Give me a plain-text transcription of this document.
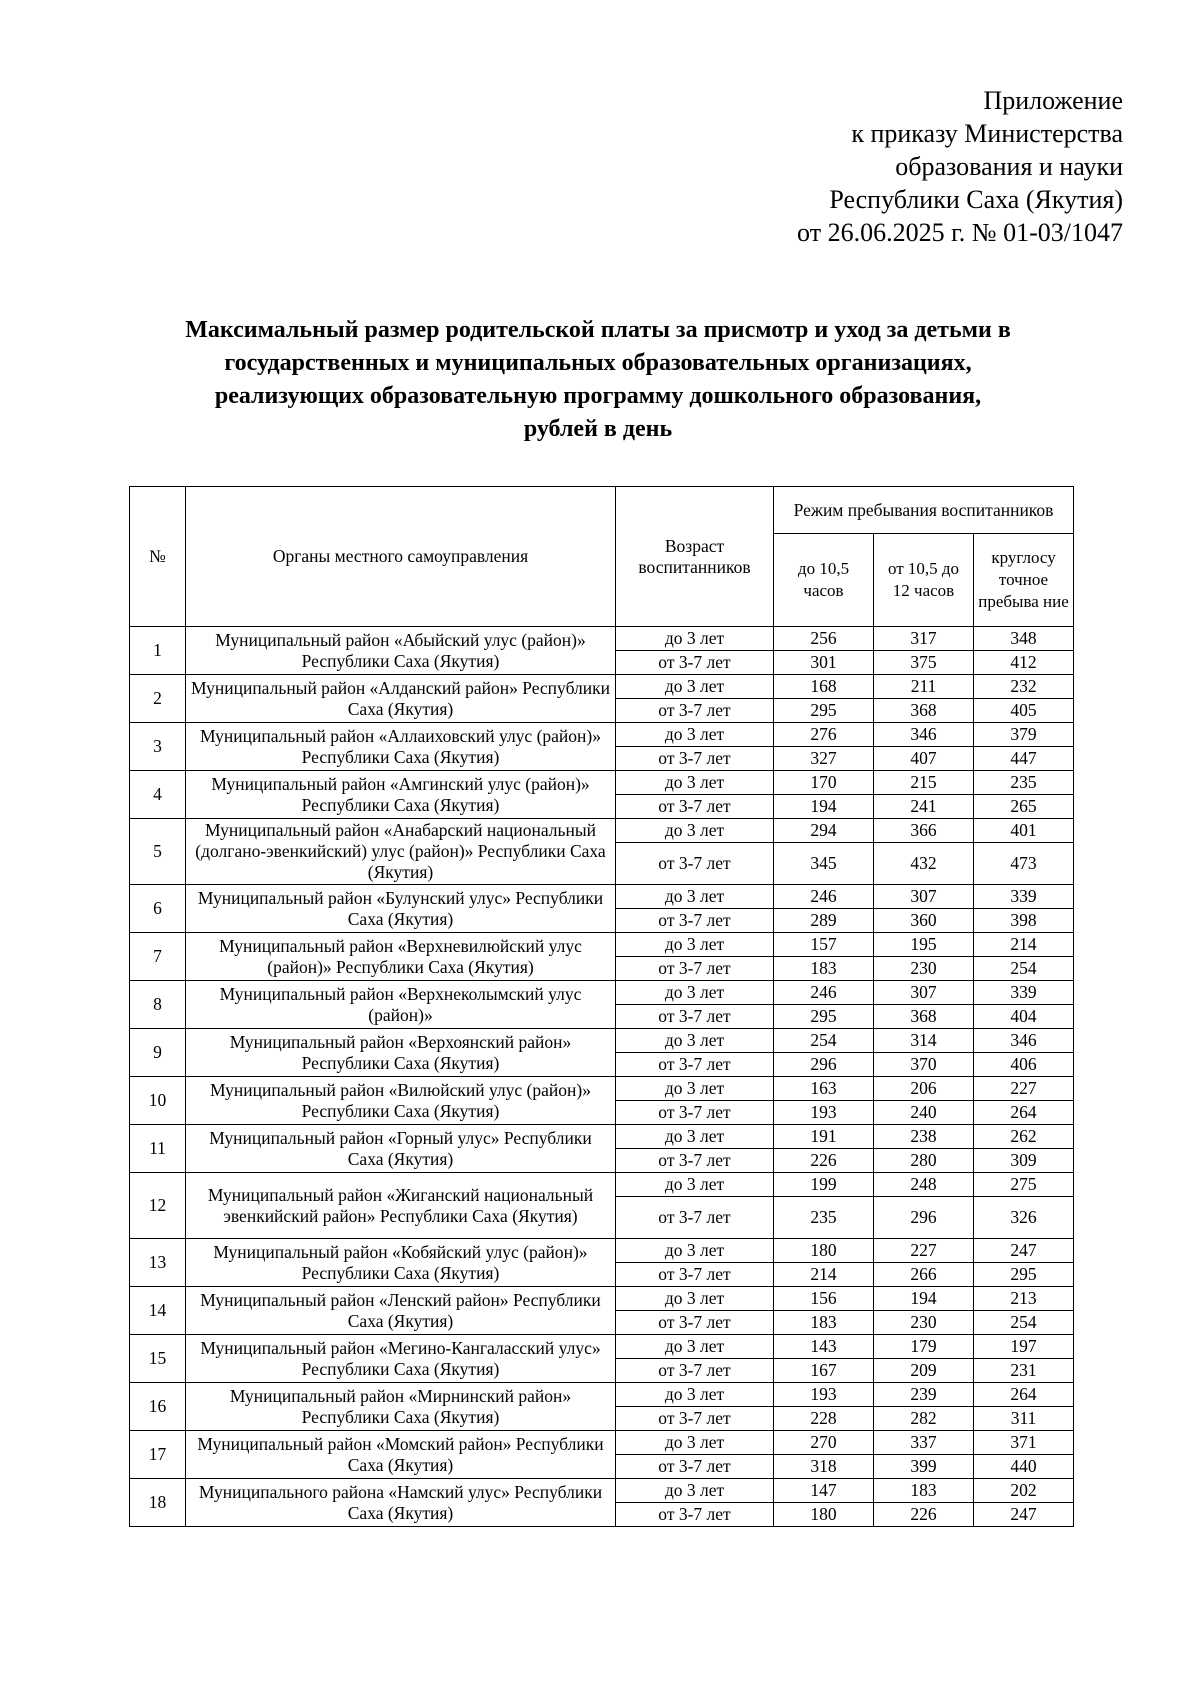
Приложение
к приказу Министерства
образования и науки
Республики Саха (Якутия)
от 26.06.2025 г. № 01-03/1047
Максимальный размер родительской платы за присмотр и уход за детьми в
государственных и муниципальных образовательных организациях,
реализующих образовательную программу дошкольного образования,
рублей в день
№	Органы местного самоуправления	Возраст воспитанников	Режим пребывания воспитанников		
			до 10,5 часов	от 10,5 до 12 часов	круглосу точное пребыва ние
1	Муниципальный район «Абыйский улус (район)» Республики Саха (Якутия)	до 3 лет	256	317	348
		от 3-7 лет	301	375	412
2	Муниципальный район «Алданский район» Республики Саха (Якутия)	до 3 лет	168	211	232
		от 3-7 лет	295	368	405
3	Муниципальный район «Аллаиховский улус (район)» Республики Саха (Якутия)	до 3 лет	276	346	379
		от 3-7 лет	327	407	447
4	Муниципальный район «Амгинский улус (район)» Республики Саха (Якутия)	до 3 лет	170	215	235
		от 3-7 лет	194	241	265
5	Муниципальный район «Анабарский национальный (долгано-эвенкийский) улус (район)» Республики Саха (Якутия)	до 3 лет	294	366	401
		от 3-7 лет	345	432	473
6	Муниципальный район «Булунский улус» Республики Саха (Якутия)	до 3 лет	246	307	339
		от 3-7 лет	289	360	398
7	Муниципальный район «Верхневилюйский улус (район)» Республики Саха (Якутия)	до 3 лет	157	195	214
		от 3-7 лет	183	230	254
8	Муниципальный район «Верхнеколымский улус (район)»	до 3 лет	246	307	339
		от 3-7 лет	295	368	404
9	Муниципальный район «Верхоянский район» Республики Саха (Якутия)	до 3 лет	254	314	346
		от 3-7 лет	296	370	406
10	Муниципальный район «Вилюйский улус (район)» Республики Саха (Якутия)	до 3 лет	163	206	227
		от 3-7 лет	193	240	264
11	Муниципальный район «Горный улус» Республики Саха (Якутия)	до 3 лет	191	238	262
		от 3-7 лет	226	280	309
12	Муниципальный район «Жиганский национальный эвенкийский район» Республики Саха (Якутия)	до 3 лет	199	248	275
		от 3-7 лет	235	296	326
13	Муниципальный район «Кобяйский улус (район)» Республики Саха (Якутия)	до 3 лет	180	227	247
		от 3-7 лет	214	266	295
14	Муниципальный район «Ленский район» Республики Саха (Якутия)	до 3 лет	156	194	213
		от 3-7 лет	183	230	254
15	Муниципальный район «Мегино-Кангаласский улус» Республики Саха (Якутия)	до 3 лет	143	179	197
		от 3-7 лет	167	209	231
16	Муниципальный район «Мирнинский район» Республики Саха (Якутия)	до 3 лет	193	239	264
		от 3-7 лет	228	282	311
17	Муниципальный район «Момский район» Республики Саха (Якутия)	до 3 лет	270	337	371
		от 3-7 лет	318	399	440
18	Муниципального района «Намский улус» Республики Саха (Якутия)	до 3 лет	147	183	202
		от 3-7 лет	180	226	247
